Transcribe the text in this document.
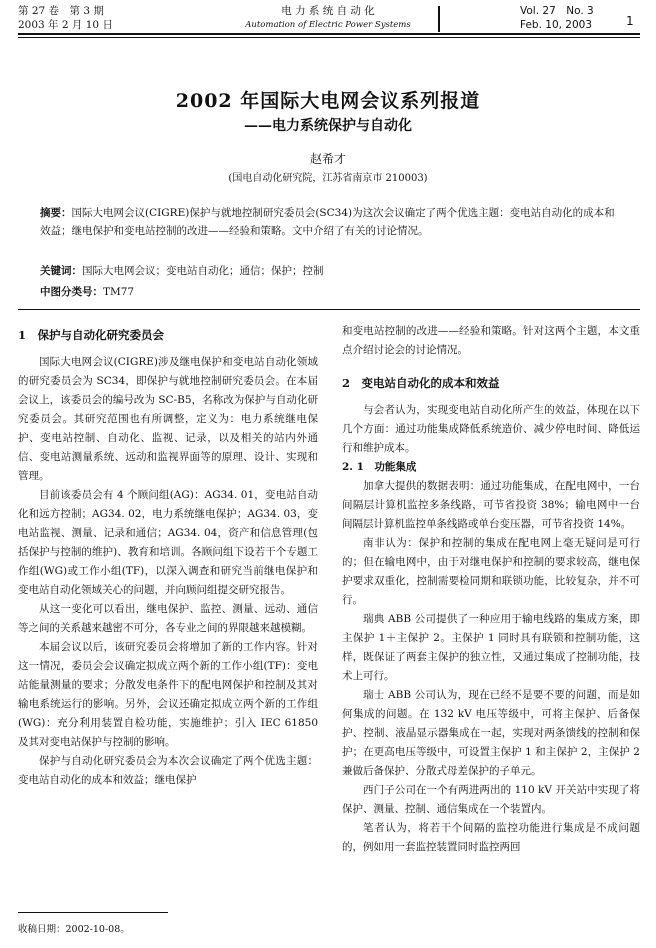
第 27 卷　第 3 期
2003 年 2 月 10 日
电 力 系 统 自 动 化
Automation of Electric Power Systems
Vol. 27　No. 3
Feb. 10, 2003	1
2002 年国际大电网会议系列报道
——电力系统保护与自动化
赵希才
(国电自动化研究院，江苏省南京市 210003)
摘要：国际大电网会议(CIGRE)保护与就地控制研究委员会(SC34)为这次会议确定了两个优选主题：变电站自动化的成本和效益；继电保护和变电站控制的改进——经验和策略。文中介绍了有关的讨论情况。
关键词：国际大电网会议；变电站自动化；通信；保护；控制
中图分类号：TM77

1　保护与自动化研究委员会

国际大电网会议(CIGRE)涉及继电保护和变电站自动化领域的研究委员会为 SC34，即保护与就地控制研究委员会。在本届会议上，该委员会的编号改为 SC-B5，名称改为保护与自动化研究委员会。其研究范围也有所调整，定义为：电力系统继电保护、变电站控制、自动化、监视、记录，以及相关的站内外通信、变电站测量系统、远动和监视界面等的原理、设计、实现和管理。

目前该委员会有 4 个顾问组(AG)：AG34. 01，变电站自动化和远方控制；AG34. 02，电力系统继电保护；AG34. 03，变电站监视、测量、记录和通信；AG34. 04，资产和信息管理(包括保护与控制的维护)、教育和培训。各顾问组下设若干个专题工作组(WG)或工作小组(TF)，以深入调查和研究当前继电保护和变电站自动化领域关心的问题，并向顾问组提交研究报告。

从这一变化可以看出，继电保护、监控、测量、远动、通信等之间的关系越来越密不可分，各专业之间的界限越来越模糊。

本届会议以后，该研究委员会将增加了新的工作内容。针对这一情况，委员会会议确定拟成立两个新的工作小组(TF)：变电站能量测量的要求；分散发电条件下的配电网保护和控制及其对输电系统运行的影响。另外，会议还确定拟成立两个新的工作组(WG)：充分利用装置自检功能，实施维护；引入 IEC 61850 及其对变电站保护与控制的影响。

保护与自动化研究委员会为本次会议确定了两个优选主题：变电站自动化的成本和效益；继电保护

和变电站控制的改进——经验和策略。针对这两个主题，本文重点介绍讨论会的讨论情况。

2　变电站自动化的成本和效益

与会者认为，实现变电站自动化所产生的效益，体现在以下几个方面：通过功能集成降低系统造价、减少停电时间、降低运行和维护成本。

2. 1　功能集成

加拿大提供的数据表明：通过功能集成，在配电网中，一台间隔层计算机监控多条线路，可节省投资 38%；输电网中一台间隔层计算机监控单条线路或单台变压器，可节省投资 14%。

南非认为：保护和控制的集成在配电网上毫无疑问是可行的；但在输电网中，由于对继电保护和控制的要求较高，继电保护要求双重化，控制需要检同期和联锁功能，比较复杂，并不可行。

瑞典 ABB 公司提供了一种应用于输电线路的集成方案，即主保护 1＋主保护 2。主保护 1 同时具有联锁和控制功能，这样，既保证了两套主保护的独立性，又通过集成了控制功能，技术上可行。

瑞士 ABB 公司认为，现在已经不是要不要的问题，而是如何集成的问题。在 132 kV 电压等级中，可将主保护、后备保护、控制、液晶显示器集成在一起，实现对两条馈线的控制和保护；在更高电压等级中，可设置主保护 1 和主保护 2，主保护 2 兼做后备保护、分散式母差保护的子单元。

西门子公司在一个有两进两出的 110 kV 开关站中实现了将保护、测量、控制、通信集成在一个装置内。

笔者认为，将若干个间隔的监控功能进行集成是不成问题的，例如用一套监控装置同时监控两回

收稿日期：2002-10-08。
